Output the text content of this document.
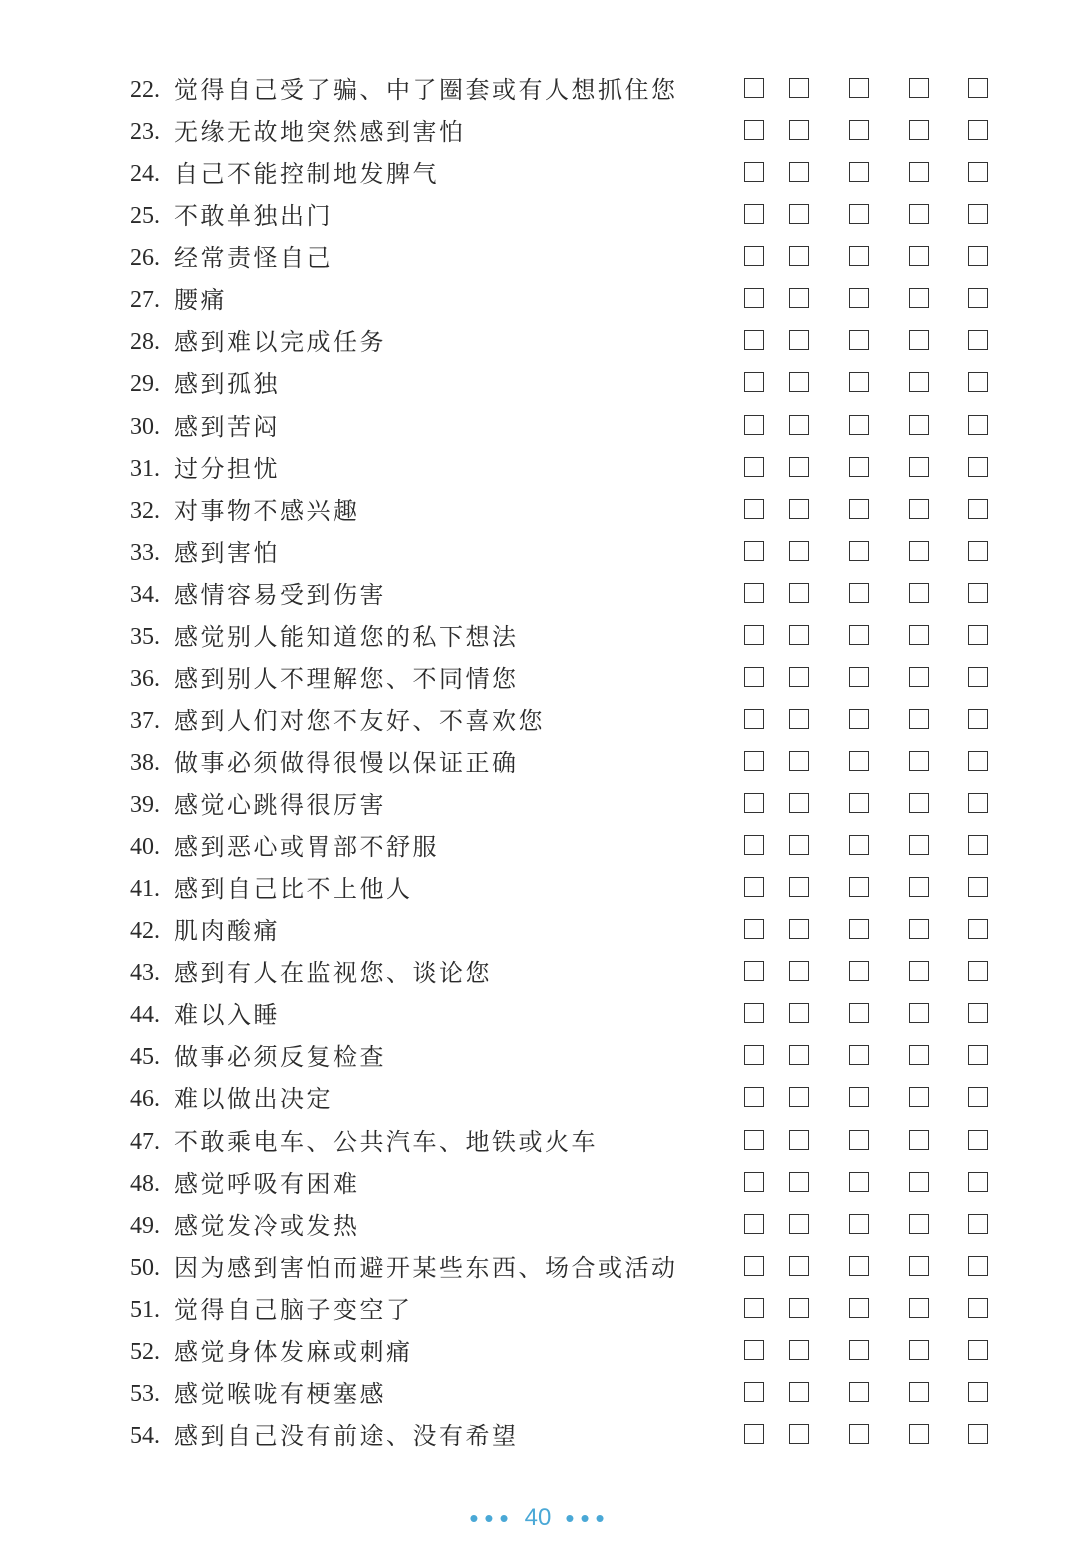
22. 觉得自己受了骗、中了圈套或有人想抓住您
23. 无缘无故地突然感到害怕
24. 自己不能控制地发脾气
25. 不敢单独出门
26. 经常责怪自己
27. 腰痛
28. 感到难以完成任务
29. 感到孤独
30. 感到苦闷
31. 过分担忧
32. 对事物不感兴趣
33. 感到害怕
34. 感情容易受到伤害
35. 感觉别人能知道您的私下想法
36. 感到别人不理解您、不同情您
37. 感到人们对您不友好、不喜欢您
38. 做事必须做得很慢以保证正确
39. 感觉心跳得很厉害
40. 感到恶心或胃部不舒服
41. 感到自己比不上他人
42. 肌肉酸痛
43. 感到有人在监视您、谈论您
44. 难以入睡
45. 做事必须反复检查
46. 难以做出决定
47. 不敢乘电车、公共汽车、地铁或火车
48. 感觉呼吸有困难
49. 感觉发冷或发热
50. 因为感到害怕而避开某些东西、场合或活动
51. 觉得自己脑子变空了
52. 感觉身体发麻或刺痛
53. 感觉喉咙有梗塞感
54. 感到自己没有前途、没有希望
••• 40 •••
